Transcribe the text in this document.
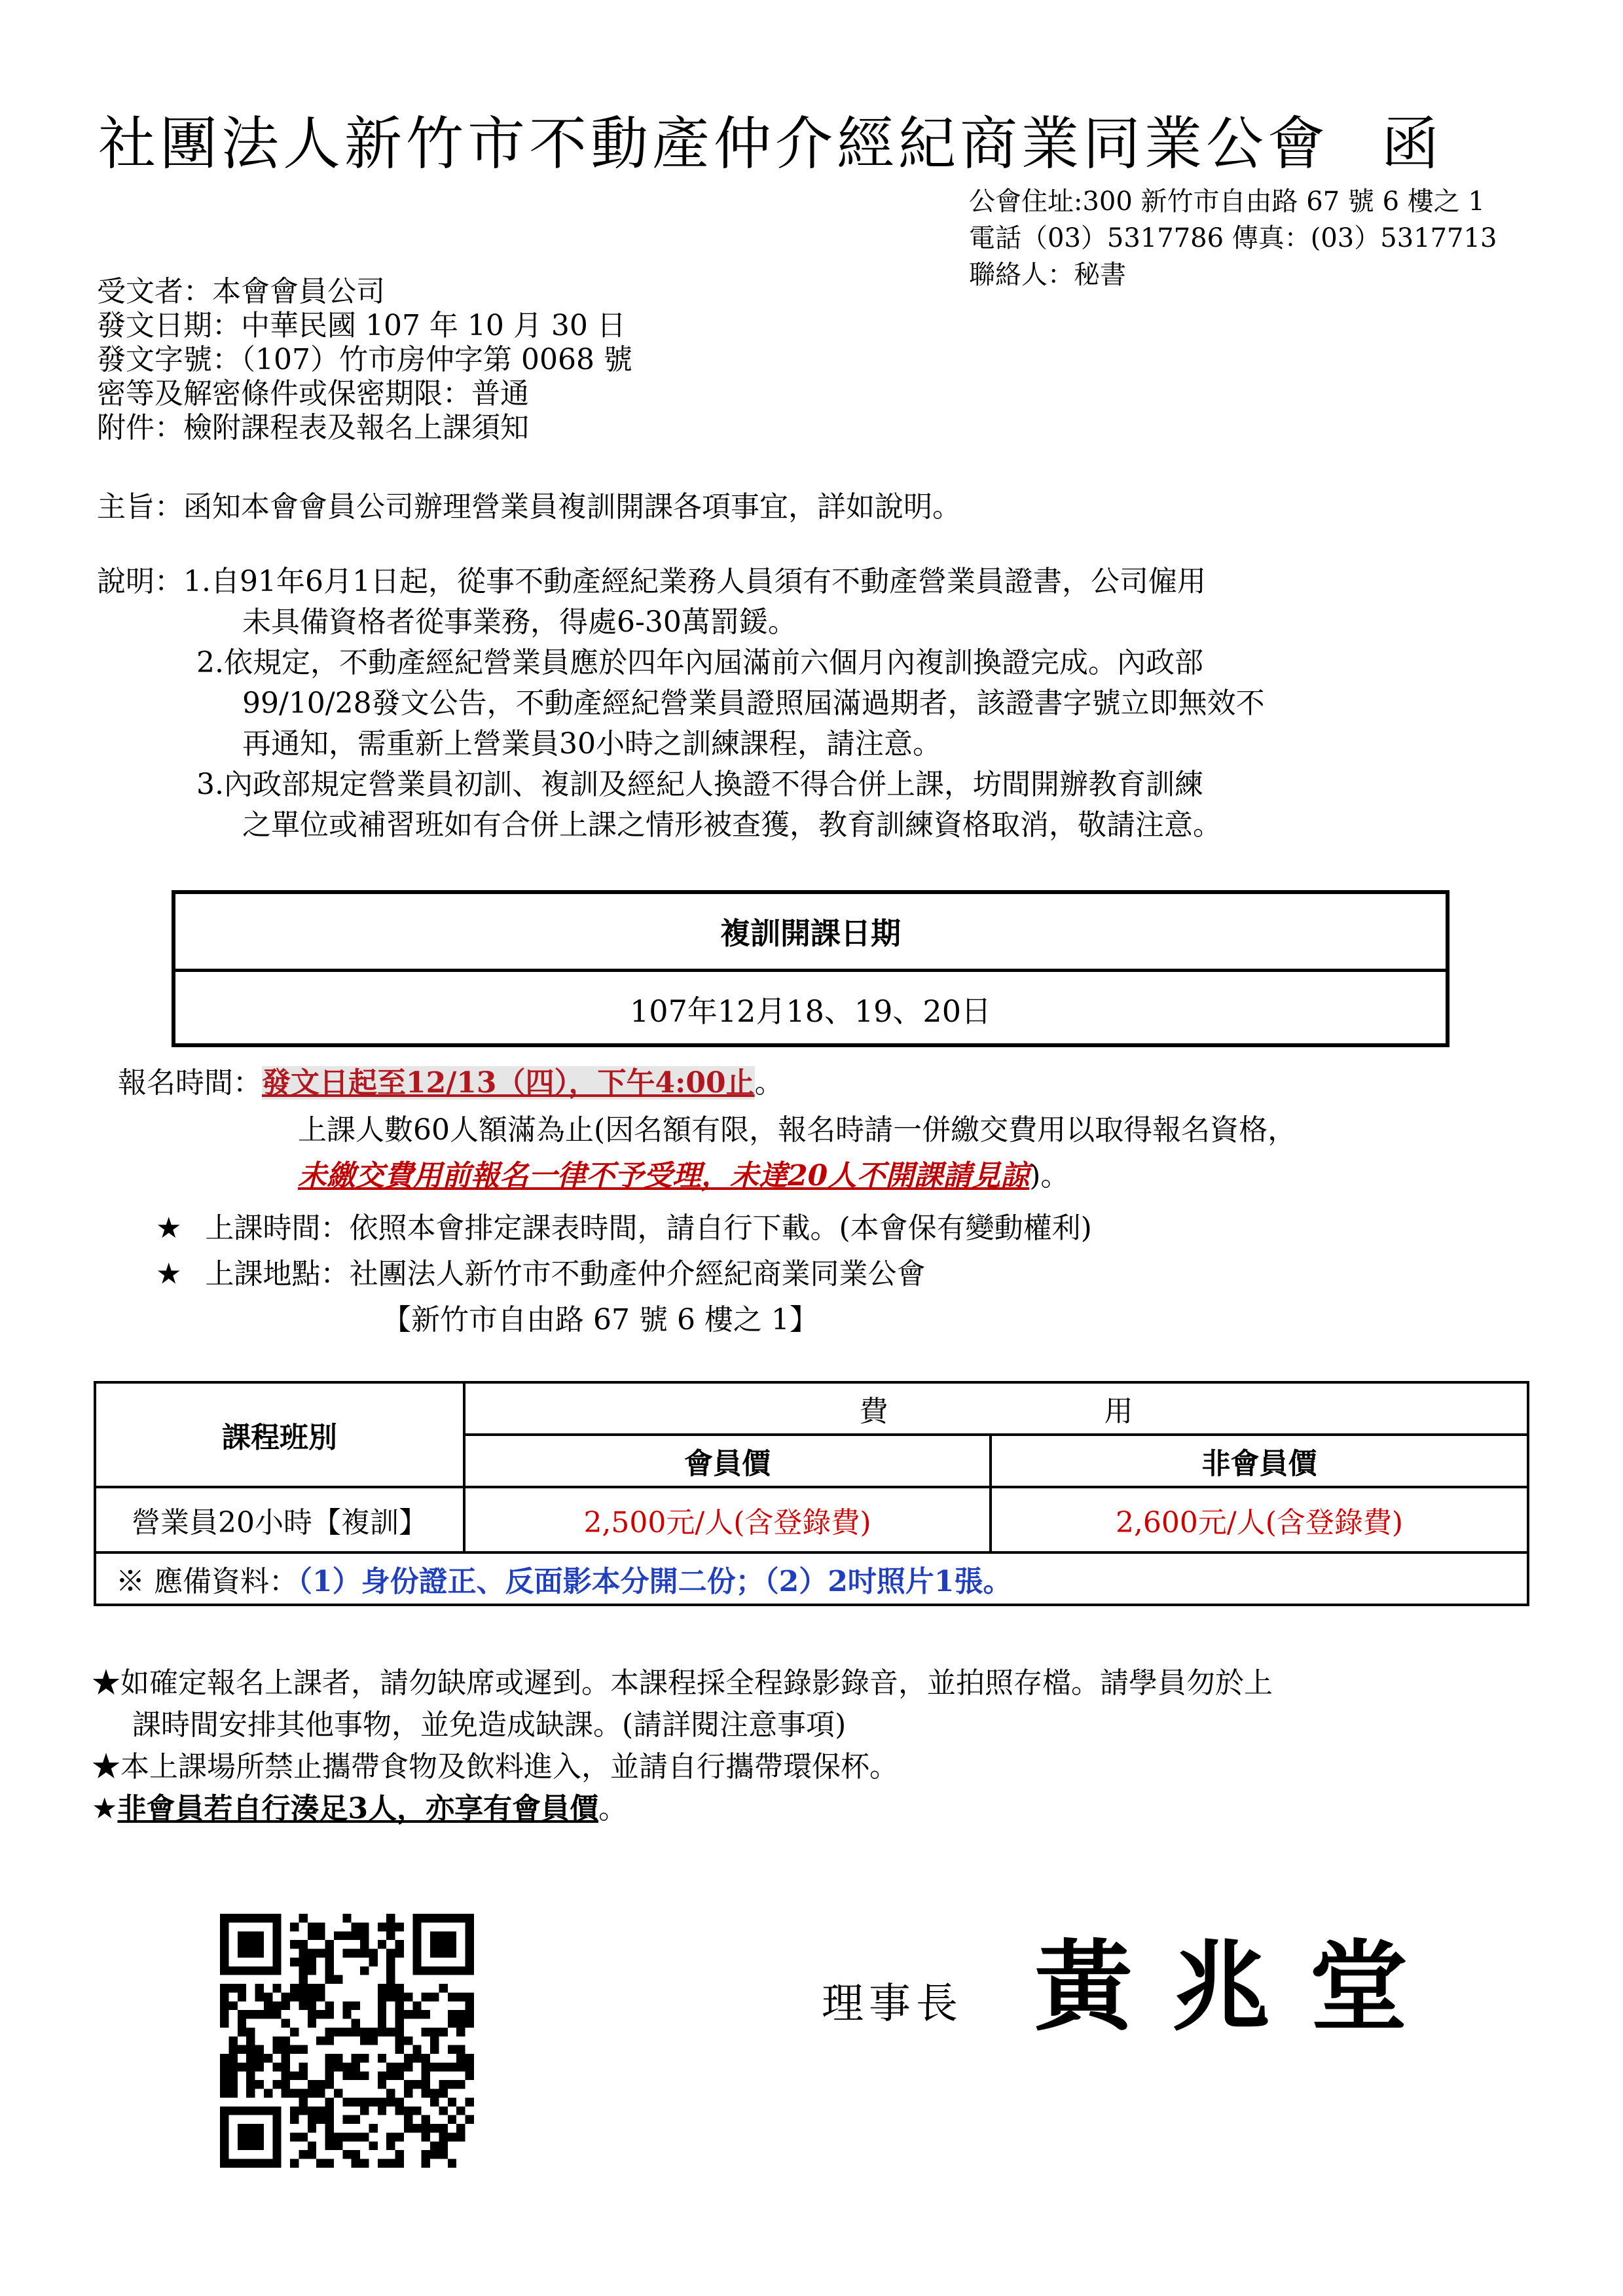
社團法人新竹市不動產仲介經紀商業同業公會 函
公會住址:300 新竹市自由路 67 號 6 樓之 1
電話（03）5317786 傳真：(03）5317713
聯絡人：秘書
受文者：本會會員公司
發文日期：中華民國 107 年 10 月 30 日
發文字號：（107）竹市房仲字第 0068 號
密等及解密條件或保密期限：普通
附件：檢附課程表及報名上課須知
主旨：函知本會會員公司辦理營業員複訓開課各項事宜，詳如說明。
說明：1.自91年6月1日起，從事不動產經紀業務人員須有不動產營業員證書，公司僱用
未具備資格者從事業務，得處6-30萬罰鍰。
2.依規定，不動產經紀營業員應於四年內屆滿前六個月內複訓換證完成。內政部
99/10/28發文公告，不動產經紀營業員證照屆滿過期者，該證書字號立即無效不
再通知，需重新上營業員30小時之訓練課程，請注意。
3.內政部規定營業員初訓、複訓及經紀人換證不得合併上課，坊間開辦教育訓練
之單位或補習班如有合併上課之情形被查獲，教育訓練資格取消，敬請注意。
複訓開課日期
107年12月18、19、20日
報名時間：發文日起至12/13（四），下午4:00止。
上課人數60人額滿為止(因名額有限，報名時請一併繳交費用以取得報名資格，
未繳交費用前報名一律不予受理，未達20人不開課請見諒)。
★ 上課時間：依照本會排定課表時間，請自行下載。(本會保有變動權利)
★ 上課地點：社團法人新竹市不動產仲介經紀商業同業公會
【新竹市自由路 67 號 6 樓之 1】
課程班別	費 用	
	會員價	非會員價
營業員20小時【複訓】	2,500元/人(含登錄費)	2,600元/人(含登錄費)
※ 應備資料：（1）身份證正、反面影本分開二份；（2）2吋照片1張。		
★如確定報名上課者，請勿缺席或遲到。本課程採全程錄影錄音，並拍照存檔。請學員勿於上
課時間安排其他事物，並免造成缺課。(請詳閱注意事項)
★本上課場所禁止攜帶食物及飲料進入，並請自行攜帶環保杯。
★非會員若自行湊足3人，亦享有會員價。
理事長 黃兆堂
